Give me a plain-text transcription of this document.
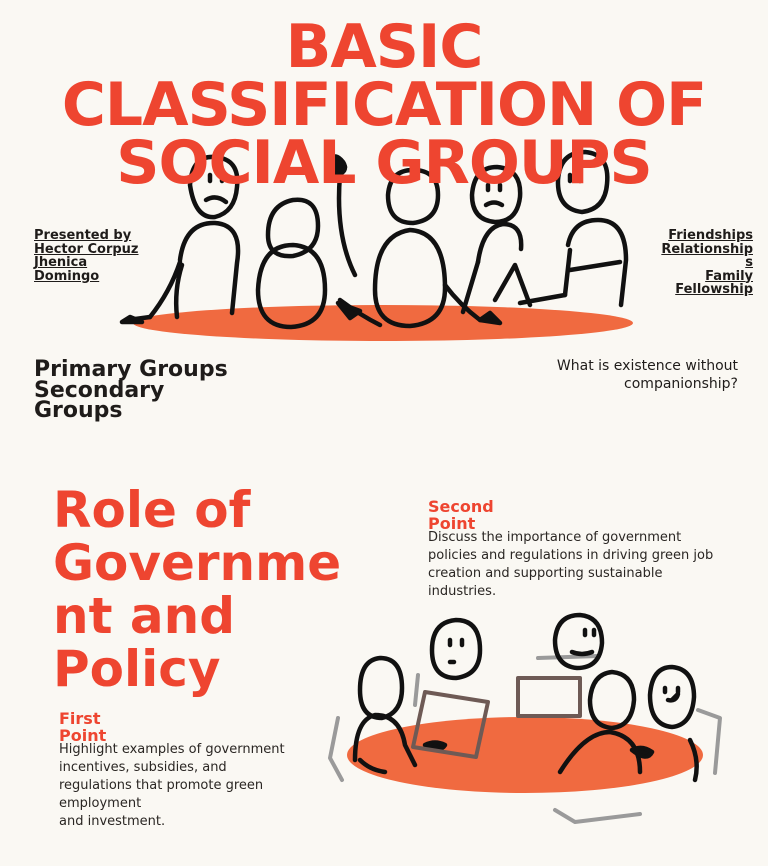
BASIC
CLASSIFICATION OF
SOCIAL GROUPS
Presented by
Hector Corpuz
Jhenica
Domingo
Friendships
Relationship
s
Family
Fellowship
Primary Groups
Secondary
Groups
What is existence without companionship?
Role of
Governme
nt and
Policy
First
Point
Highlight examples of government
incentives, subsidies, and
regulations that promote green
employment
and investment.
Second
Point
Discuss the importance of government
policies and regulations in driving green job
creation and supporting sustainable
industries.
